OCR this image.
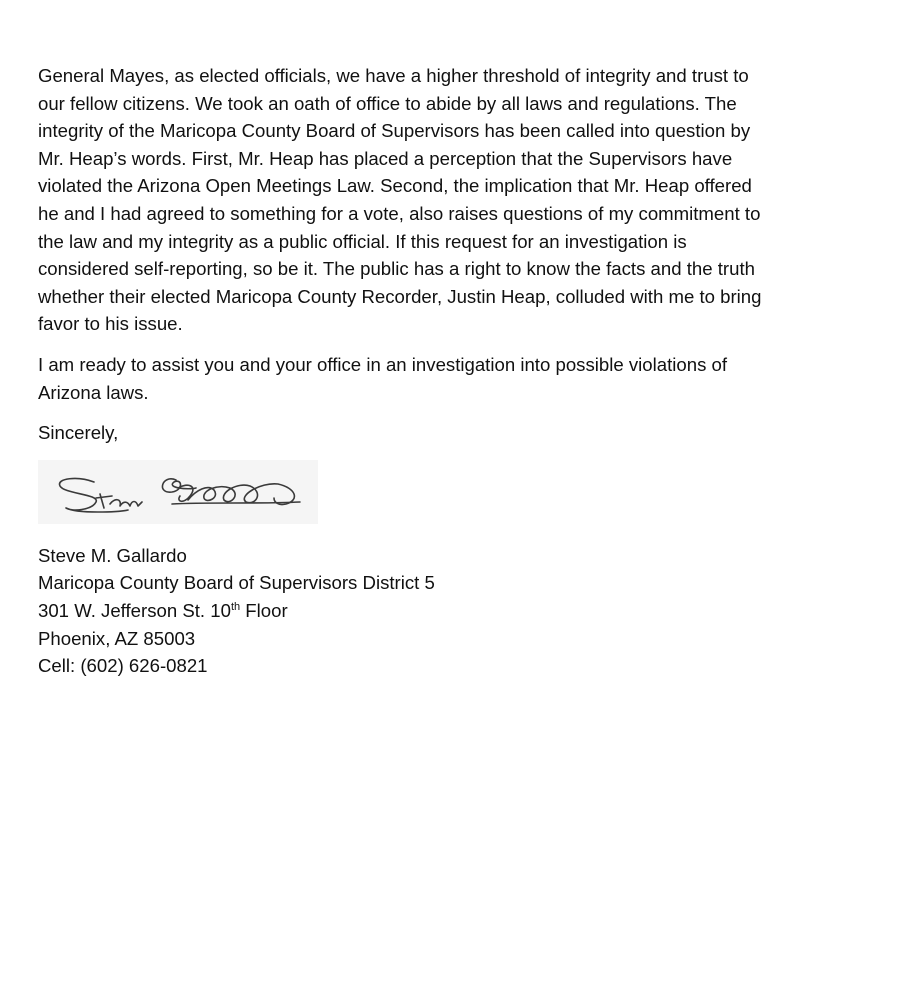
General Mayes, as elected officials, we have a higher threshold of integrity and trust to
our fellow citizens. We took an oath of office to abide by all laws and regulations. The
integrity of the Maricopa County Board of Supervisors has been called into question by
Mr. Heap’s words. First, Mr. Heap has placed a perception that the Supervisors have
violated the Arizona Open Meetings Law. Second, the implication that Mr. Heap offered
he and I had agreed to something for a vote, also raises questions of my commitment to
the law and my integrity as a public official. If this request for an investigation is
considered self-reporting, so be it. The public has a right to know the facts and the truth
whether their elected Maricopa County Recorder, Justin Heap, colluded with me to bring
favor to his issue.

I am ready to assist you and your office in an investigation into possible violations of
Arizona laws.

Sincerely,

Steve M. Gallardo
Maricopa County Board of Supervisors District 5
301 W. Jefferson St. 10th Floor
Phoenix, AZ 85003
Cell: (602) 626-0821
